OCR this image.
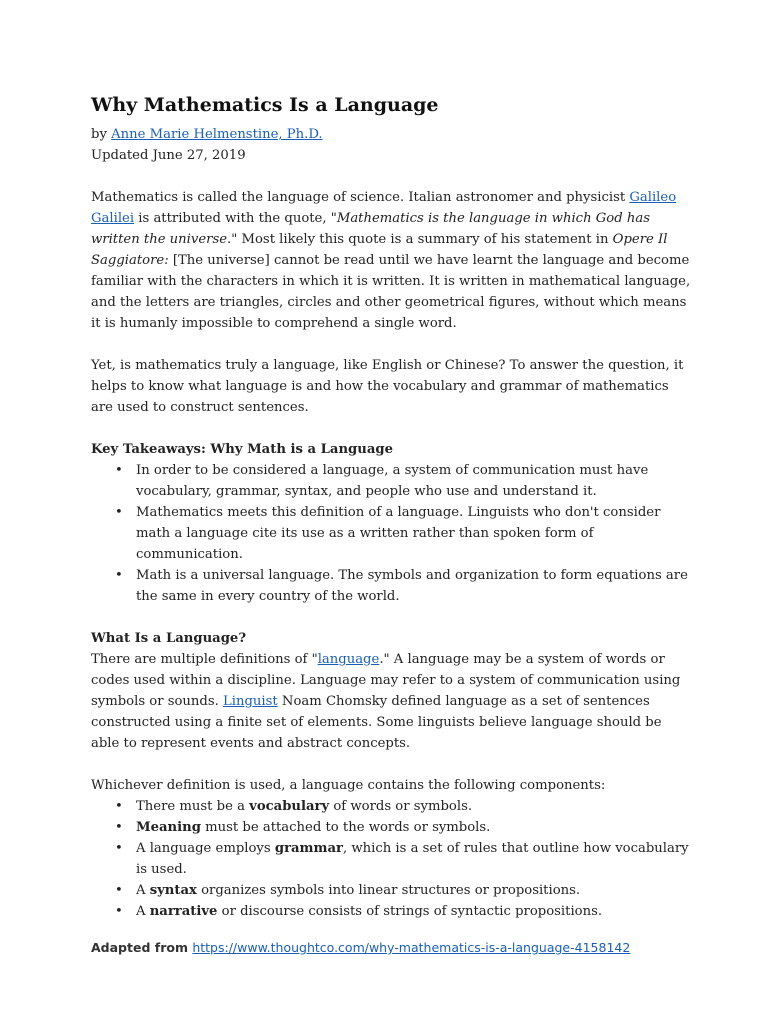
Why Mathematics Is a Language
by Anne Marie Helmenstine, Ph.D.
Updated June 27, 2019

Mathematics is called the language of science. Italian astronomer and physicist Galileo Galilei is attributed with the quote, "Mathematics is the language in which God has written the universe." Most likely this quote is a summary of his statement in Opere Il Saggiatore: [The universe] cannot be read until we have learnt the language and become familiar with the characters in which it is written. It is written in mathematical language, and the letters are triangles, circles and other geometrical figures, without which means it is humanly impossible to comprehend a single word.

Yet, is mathematics truly a language, like English or Chinese? To answer the question, it helps to know what language is and how the vocabulary and grammar of mathematics are used to construct sentences.

Key Takeaways: Why Math is a Language
• In order to be considered a language, a system of communication must have vocabulary, grammar, syntax, and people who use and understand it.
• Mathematics meets this definition of a language. Linguists who don't consider math a language cite its use as a written rather than spoken form of communication.
• Math is a universal language. The symbols and organization to form equations are the same in every country of the world.
What Is a Language?

There are multiple definitions of "language." A language may be a system of words or codes used within a discipline. Language may refer to a system of communication using symbols or sounds. Linguist Noam Chomsky defined language as a set of sentences constructed using a finite set of elements. Some linguists believe language should be able to represent events and abstract concepts.

Whichever definition is used, a language contains the following components:

• There must be a vocabulary of words or symbols.
• Meaning must be attached to the words or symbols.
• A language employs grammar, which is a set of rules that outline how vocabulary is used.
• A syntax organizes symbols into linear structures or propositions.
• A narrative or discourse consists of strings of syntactic propositions.
Adapted from https://www.thoughtco.com/why-mathematics-is-a-language-4158142
